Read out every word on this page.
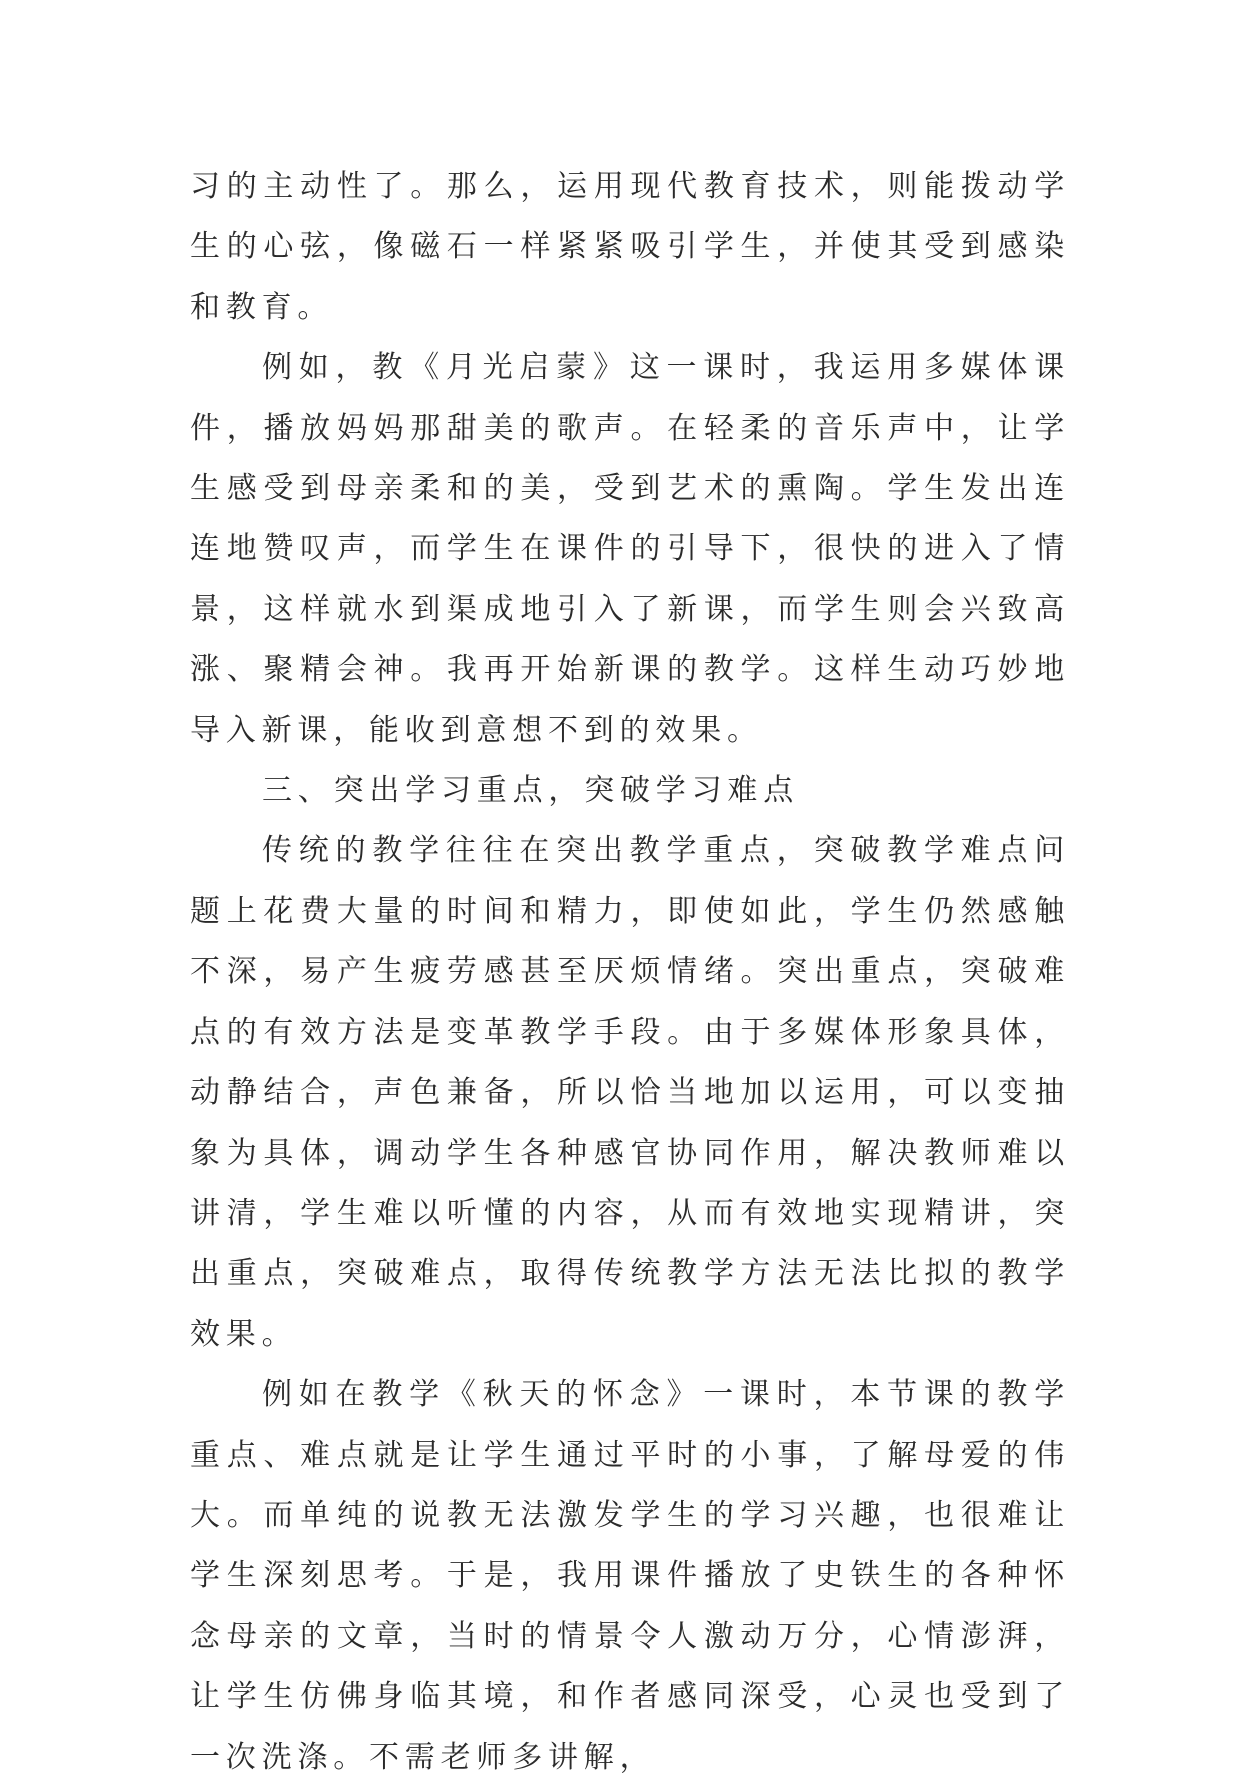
习的主动性了。那么，运用现代教育技术，则能拨动学生的心弦，像磁石一样紧紧吸引学生，并使其受到感染和教育。

例如，教《月光启蒙》这一课时，我运用多媒体课件，播放妈妈那甜美的歌声。在轻柔的音乐声中，让学生感受到母亲柔和的美，受到艺术的熏陶。学生发出连连地赞叹声，而学生在课件的引导下，很快的进入了情景，这样就水到渠成地引入了新课，而学生则会兴致高涨、聚精会神。我再开始新课的教学。这样生动巧妙地导入新课，能收到意想不到的效果。

三、突出学习重点，突破学习难点

传统的教学往往在突出教学重点，突破教学难点问题上花费大量的时间和精力，即使如此，学生仍然感触不深，易产生疲劳感甚至厌烦情绪。突出重点，突破难点的有效方法是变革教学手段。由于多媒体形象具体，动静结合，声色兼备，所以恰当地加以运用，可以变抽象为具体，调动学生各种感官协同作用，解决教师难以讲清，学生难以听懂的内容，从而有效地实现精讲，突出重点，突破难点，取得传统教学方法无法比拟的教学效果。

例如在教学《秋天的怀念》一课时，本节课的教学重点、难点就是让学生通过平时的小事，了解母爱的伟大。而单纯的说教无法激发学生的学习兴趣，也很难让学生深刻思考。于是，我用课件播放了史铁生的各种怀念母亲的文章，当时的情景令人激动万分，心情澎湃，让学生仿佛身临其境，和作者感同深受，心灵也受到了一次洗涤。不需老师多讲解，
